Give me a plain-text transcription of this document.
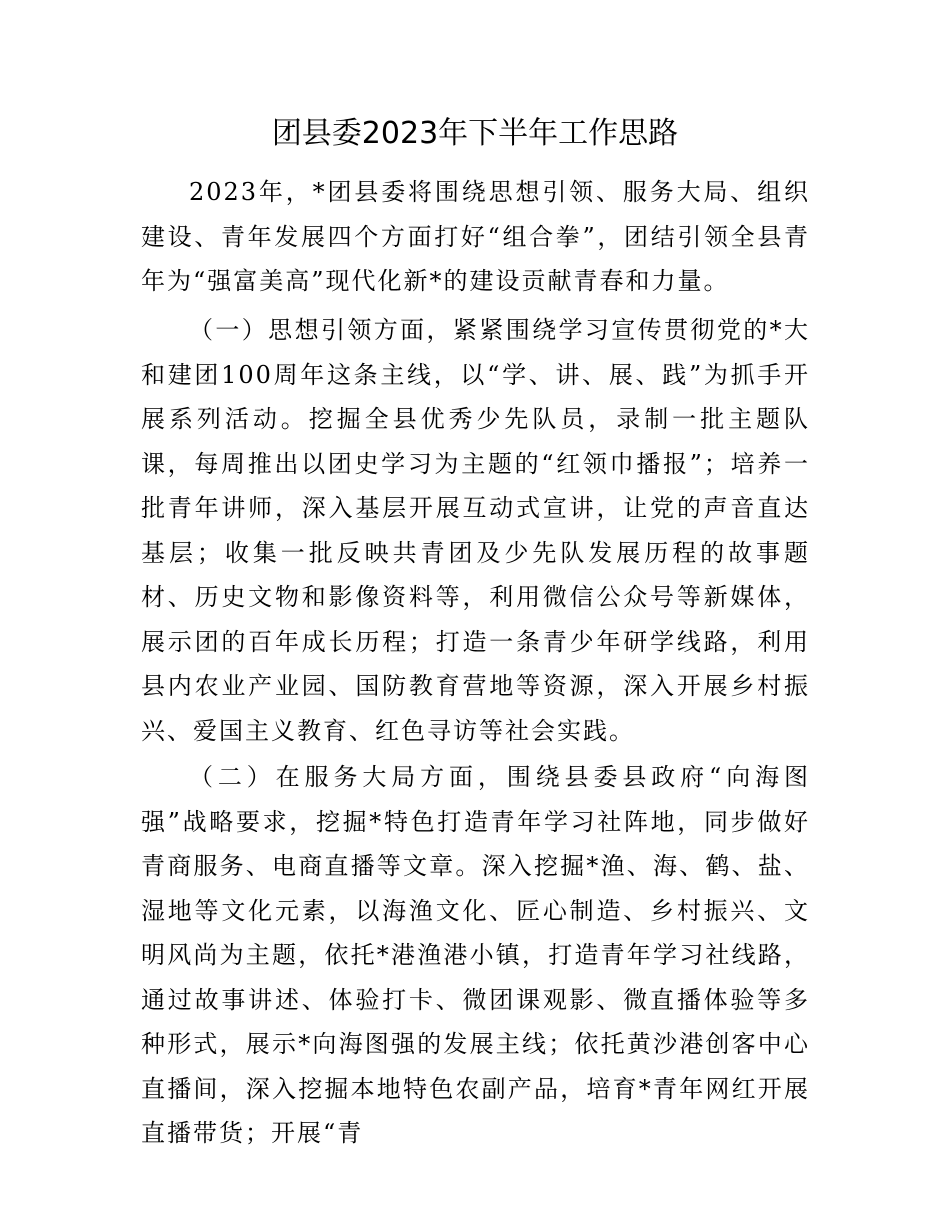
团县委2023年下半年工作思路

2023年，*团县委将围绕思想引领、服务大局、组织建设、青年发展四个方面打好“组合拳”，团结引领全县青年为“强富美高”现代化新*的建设贡献青春和力量。

（一）思想引领方面，紧紧围绕学习宣传贯彻党的*大和建团100周年这条主线，以“学、讲、展、践”为抓手开展系列活动。挖掘全县优秀少先队员，录制一批主题队课，每周推出以团史学习为主题的“红领巾播报”；培养一批青年讲师，深入基层开展互动式宣讲，让党的声音直达基层；收集一批反映共青团及少先队发展历程的故事题材、历史文物和影像资料等，利用微信公众号等新媒体，展示团的百年成长历程；打造一条青少年研学线路，利用县内农业产业园、国防教育营地等资源，深入开展乡村振兴、爱国主义教育、红色寻访等社会实践。

（二）在服务大局方面，围绕县委县政府“向海图强”战略要求，挖掘*特色打造青年学习社阵地，同步做好青商服务、电商直播等文章。深入挖掘*渔、海、鹤、盐、湿地等文化元素，以海渔文化、匠心制造、乡村振兴、文明风尚为主题，依托*港渔港小镇，打造青年学习社线路，通过故事讲述、体验打卡、微团课观影、微直播体验等多种形式，展示*向海图强的发展主线；依托黄沙港创客中心直播间，深入挖掘本地特色农副产品，培育*青年网红开展直播带货；开展“青
